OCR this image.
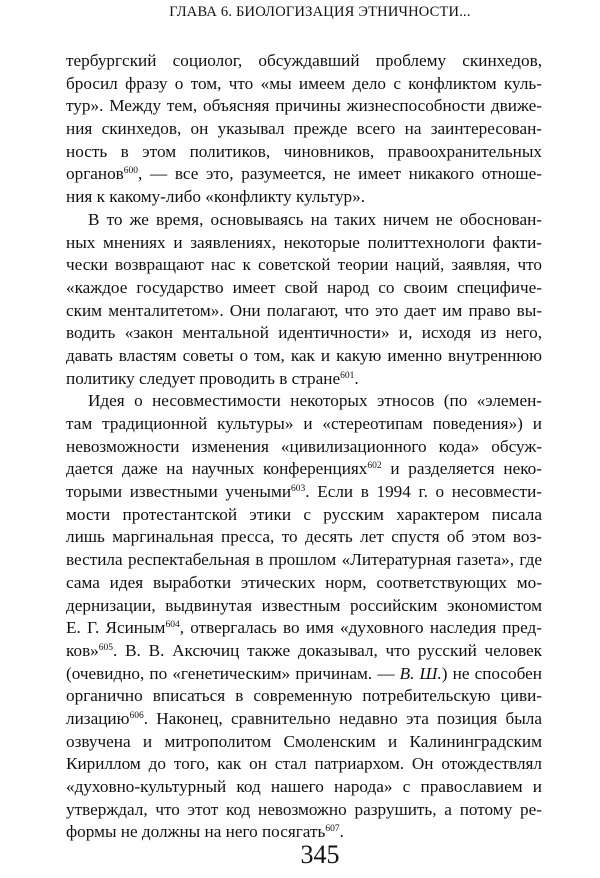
ГЛАВА 6. БИОЛОГИЗАЦИЯ ЭТНИЧНОСТИ...
тербургский социолог, обсуждавший проблему скинхедов,
бросил фразу о том, что «мы имеем дело с конфликтом куль-
тур». Между тем, объясняя причины жизнеспособности движе-
ния скинхедов, он указывал прежде всего на заинтересован-
ность в этом политиков, чиновников, правоохранительных
органов$^{600}$, — все это, разумеется, не имеет никакого отноше-
ния к какому-либо «конфликту культур».
В то же время, основываясь на таких ничем не обоснован-
ных мнениях и заявлениях, некоторые политтехнологи факти-
чески возвращают нас к советской теории наций, заявляя, что
«каждое государство имеет свой народ со своим специфиче-
ским менталитетом». Они полагают, что это дает им право вы-
водить «закон ментальной идентичности» и, исходя из него,
давать властям советы о том, как и какую именно внутреннюю
политику следует проводить в стране$^{601}$.
Идея о несовместимости некоторых этносов (по «элемен-
там традиционной культуры» и «стереотипам поведения») и
невозможности изменения «цивилизационного кода» обсуж-
дается даже на научных конференциях$^{602}$ и разделяется неко-
торыми известными учеными$^{603}$. Если в 1994 г. о несовмести-
мости протестантской этики с русским характером писала
лишь маргинальная пресса, то десять лет спустя об этом воз-
вестила респектабельная в прошлом «Литературная газета», где
сама идея выработки этических норм, соответствующих мо-
дернизации, выдвинутая известным российским экономистом
Е. Г. Ясиным$^{604}$, отвергалась во имя «духовного наследия пред-
ков»$^{605}$. В. В. Аксючиц также доказывал, что русский человек
(очевидно, по «генетическим» причинам. — В. Ш.) не способен
органично вписаться в современную потребительскую циви-
лизацию$^{606}$. Наконец, сравнительно недавно эта позиция была
озвучена и митрополитом Смоленским и Калининградским
Кириллом до того, как он стал патриархом. Он отождествлял
«духовно-культурный код нашего народа» с православием и
утверждал, что этот код невозможно разрушить, а потому ре-
формы не должны на него посягать$^{607}$.
345
